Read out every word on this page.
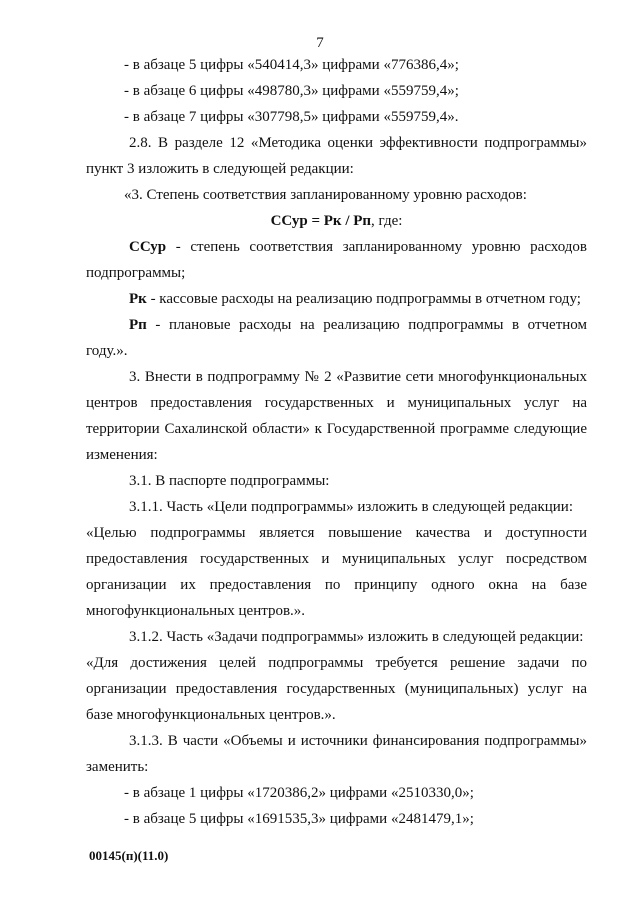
7

- в абзаце 5 цифры «540414,3» цифрами «776386,4»;

- в абзаце 6 цифры «498780,3» цифрами «559759,4»;

- в абзаце 7 цифры «307798,5» цифрами «559759,4».

2.8. В разделе 12 «Методика оценки эффективности подпрограммы» пункт 3 изложить в следующей редакции:

«3. Степень соответствия запланированному уровню расходов:

ССур = Рк / Рп, где:

ССур - степень соответствия запланированному уровню расходов подпрограммы;

Рк - кассовые расходы на реализацию подпрограммы в отчетном году;

Рп - плановые расходы на реализацию подпрограммы в отчетном году.».

3. Внести в подпрограмму № 2 «Развитие сети многофункциональных центров предоставления государственных и муниципальных услуг на территории Сахалинской области» к Государственной программе следующие изменения:

3.1. В паспорте подпрограммы:

3.1.1. Часть «Цели подпрограммы» изложить в следующей редакции:

«Целью подпрограммы является повышение качества и доступности предоставления государственных и муниципальных услуг посредством организации их предоставления по принципу одного окна на базе многофункциональных центров.».

3.1.2. Часть «Задачи подпрограммы» изложить в следующей редакции:

«Для достижения целей подпрограммы требуется решение задачи по организации предоставления государственных (муниципальных) услуг на базе многофункциональных центров.».

3.1.3. В части «Объемы и источники финансирования подпрограммы» заменить:

- в абзаце 1 цифры «1720386,2» цифрами «2510330,0»;

- в абзаце 5 цифры «1691535,3» цифрами «2481479,1»;

00145(п)(11.0)
